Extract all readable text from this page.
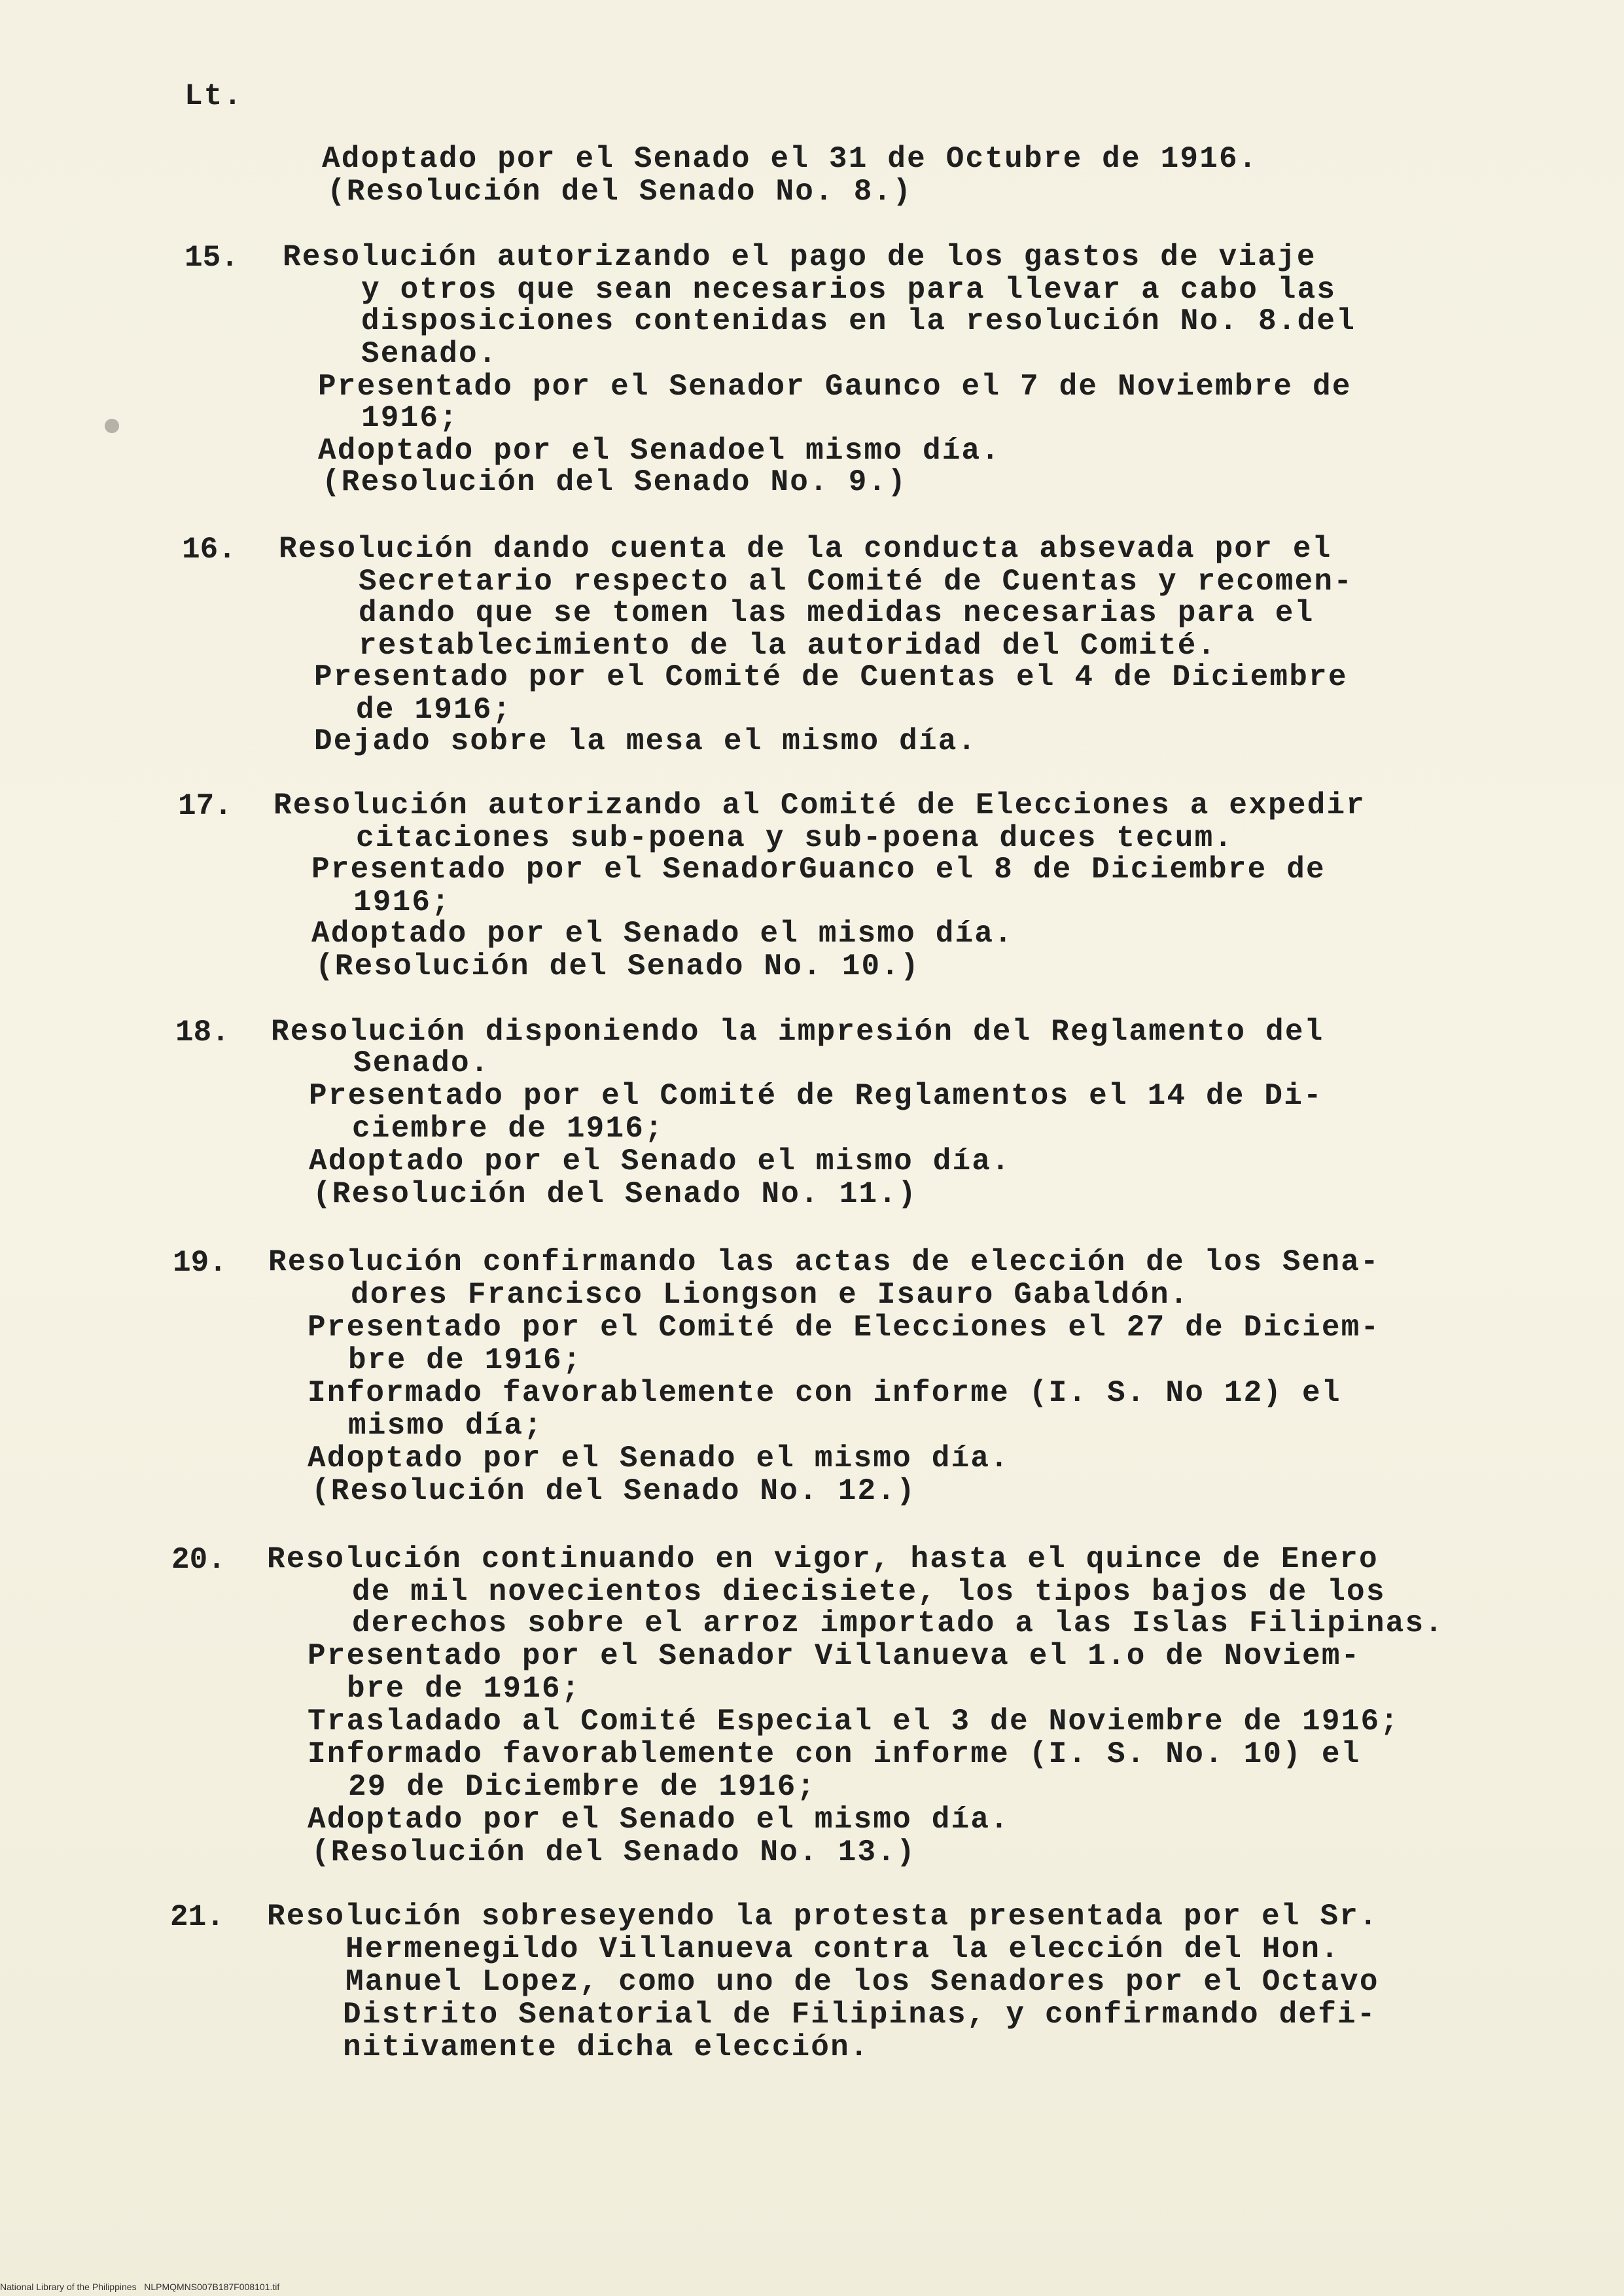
Lt.
Adoptado por el Senado el 31 de Octubre de 1916.
(Resolución del Senado No. 8.)
15. Resolución autorizando el pago de los gastos de viaje
y otros que sean necesarios para llevar a cabo las
disposiciones contenidas en la resolución No. 8.del
Senado.
Presentado por el Senador Gaunco el 7 de Noviembre de
1916;
Adoptado por el Senadoel mismo día.
(Resolución del Senado No. 9.)
16. Resolución dando cuenta de la conducta absevada por el
Secretario respecto al Comité de Cuentas y recomen-
dando que se tomen las medidas necesarias para el
restablecimiento de la autoridad del Comité.
Presentado por el Comité de Cuentas el 4 de Diciembre
de 1916;
Dejado sobre la mesa el mismo día.
17. Resolución autorizando al Comité de Elecciones a expedir
citaciones sub-poena y sub-poena duces tecum.
Presentado por el SenadorGuanco el 8 de Diciembre de
1916;
Adoptado por el Senado el mismo día.
(Resolución del Senado No. 10.)
18. Resolución disponiendo la impresión del Reglamento del
Senado.
Presentado por el Comité de Reglamentos el 14 de Di-
ciembre de 1916;
Adoptado por el Senado el mismo día.
(Resolución del Senado No. 11.)
19. Resolución confirmando las actas de elección de los Sena-
dores Francisco Liongson e Isauro Gabaldón.
Presentado por el Comité de Elecciones el 27 de Diciem-
bre de 1916;
Informado favorablemente con informe (I. S. No 12) el
mismo día;
Adoptado por el Senado el mismo día.
(Resolución del Senado No. 12.)
20. Resolución continuando en vigor, hasta el quince de Enero
de mil novecientos diecisiete, los tipos bajos de los
derechos sobre el arroz importado a las Islas Filipinas.
Presentado por el Senador Villanueva el 1.o de Noviem-
bre de 1916;
Trasladado al Comité Especial el 3 de Noviembre de 1916;
Informado favorablemente con informe (I. S. No. 10) el
29 de Diciembre de 1916;
Adoptado por el Senado el mismo día.
(Resolución del Senado No. 13.)
21. Resolución sobreseyendo la protesta presentada por el Sr.
Hermenegildo Villanueva contra la elección del Hon.
Manuel Lopez, como uno de los Senadores por el Octavo
Distrito Senatorial de Filipinas, y confirmando defi-
nitivamente dicha elección.
National Library of the Philippines   NLPMQMNS007B187F008101.tif
